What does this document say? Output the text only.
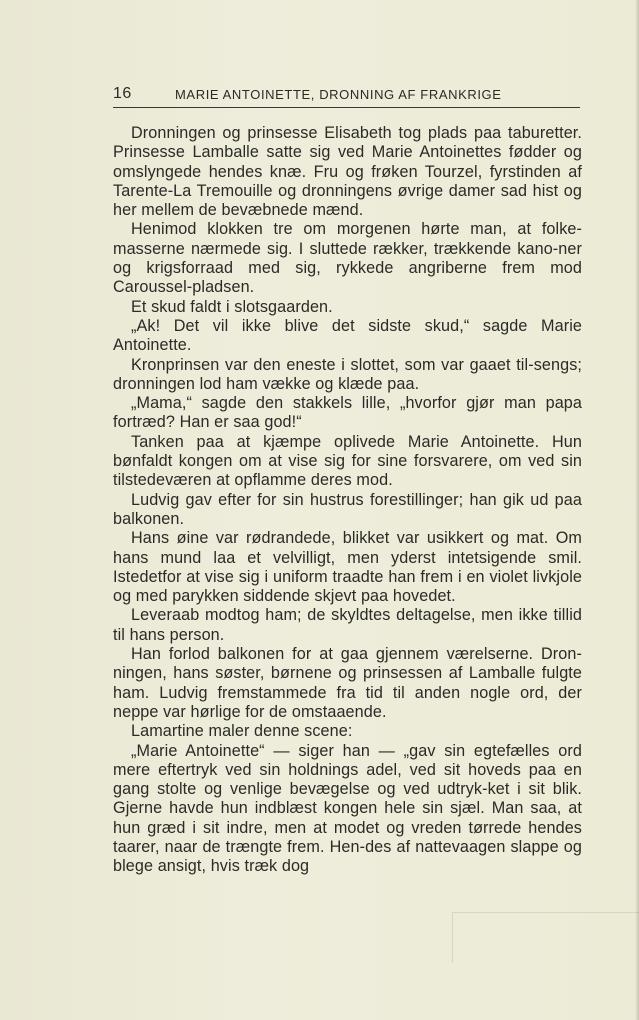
16	MARIE ANTOINETTE, DRONNING AF FRANKRIGE

Dronningen og prinsesse Elisabeth tog plads paa taburetter. Prinsesse Lamballe satte sig ved Marie Antoinettes fødder og omslyngede hendes knæ. Fru og frøken Tourzel, fyrstinden af Tarente-La Tremouille og dronningens øvrige damer sad hist og her mellem de bevæbnede mænd.

Henimod klokken tre om morgenen hørte man, at folke-masserne nærmede sig. I sluttede rækker, trækkende kano-ner og krigsforraad med sig, rykkede angriberne frem mod Caroussel-pladsen.

Et skud faldt i slotsgaarden.

„Ak! Det vil ikke blive det sidste skud,“ sagde Marie Antoinette.

Kronprinsen var den eneste i slottet, som var gaaet til-sengs; dronningen lod ham vække og klæde paa.

„Mama,“ sagde den stakkels lille, „hvorfor gjør man papa fortræd? Han er saa god!“

Tanken paa at kjæmpe oplivede Marie Antoinette. Hun bønfaldt kongen om at vise sig for sine forsvarere, om ved sin tilstedeværen at opflamme deres mod.

Ludvig gav efter for sin hustrus forestillinger; han gik ud paa balkonen.

Hans øine var rødrandede, blikket var usikkert og mat. Om hans mund laa et velvilligt, men yderst intetsigende smil. Istedetfor at vise sig i uniform traadte han frem i en violet livkjole og med parykken siddende skjevt paa hovedet.

Leveraab modtog ham; de skyldtes deltagelse, men ikke tillid til hans person.

Han forlod balkonen for at gaa gjennem værelserne. Dron-ningen, hans søster, børnene og prinsessen af Lamballe fulgte ham. Ludvig fremstammede fra tid til anden nogle ord, der neppe var hørlige for de omstaaende.

Lamartine maler denne scene:

„Marie Antoinette“ — siger han — „gav sin egtefælles ord mere eftertryk ved sin holdnings adel, ved sit hoveds paa en gang stolte og venlige bevægelse og ved udtryk-ket i sit blik. Gjerne havde hun indblæst kongen hele sin sjæl. Man saa, at hun græd i sit indre, men at modet og vreden tørrede hendes taarer, naar de trængte frem. Hen-des af nattevaagen slappe og blege ansigt, hvis træk dog
